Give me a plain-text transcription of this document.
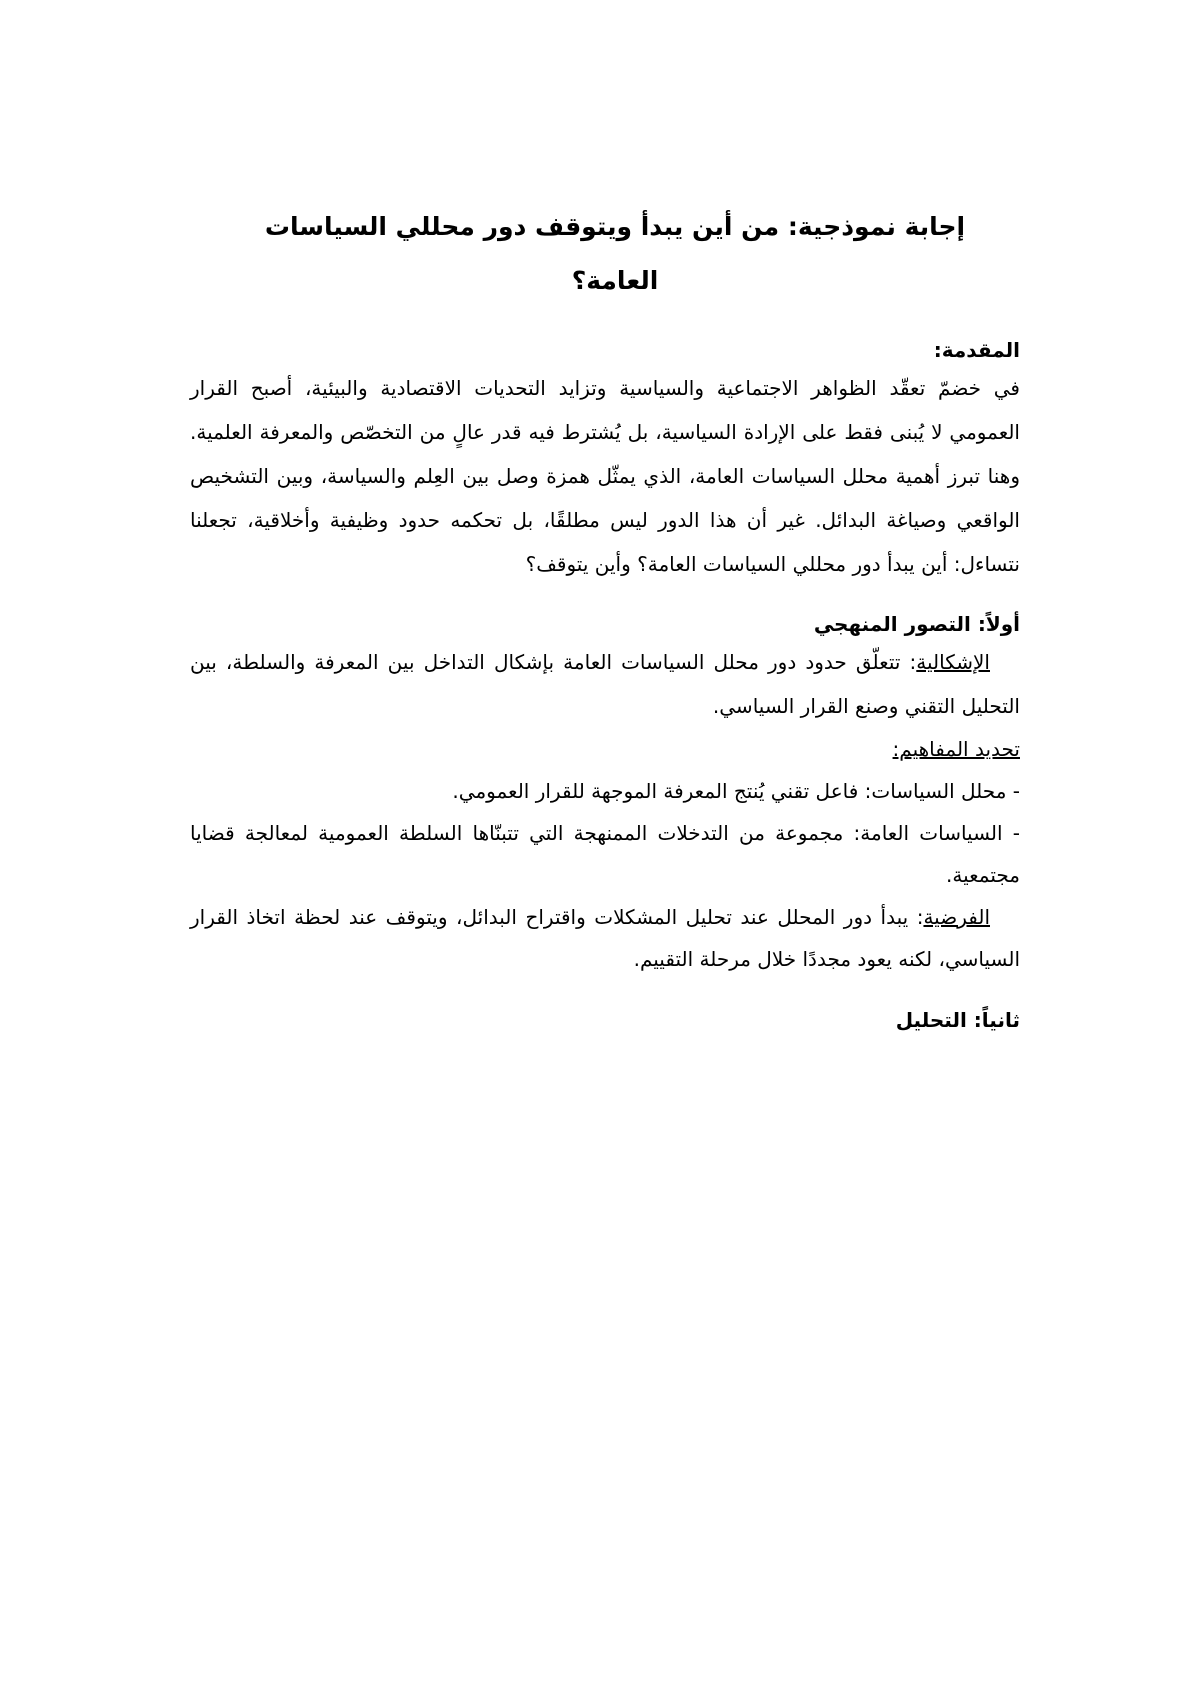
إجابة نموذجية: من أين يبدأ ويتوقف دور محللي السياسات العامة؟

المقدمة:

في خضمّ تعقّد الظواهر الاجتماعية والسياسية وتزايد التحديات الاقتصادية والبيئية، أصبح القرار العمومي لا يُبنى فقط على الإرادة السياسية، بل يُشترط فيه قدر عالٍ من التخصّص والمعرفة العلمية. وهنا تبرز أهمية محلل السياسات العامة، الذي يمثّل همزة وصل بين العِلم والسياسة، وبين التشخيص الواقعي وصياغة البدائل. غير أن هذا الدور ليس مطلقًا، بل تحكمه حدود وظيفية وأخلاقية، تجعلنا نتساءل: أين يبدأ دور محللي السياسات العامة؟ وأين يتوقف؟

أولاً: التصور المنهجي

الإشكالية: تتعلّق حدود دور محلل السياسات العامة بإشكال التداخل بين المعرفة والسلطة، بين التحليل التقني وصنع القرار السياسي.

تحديد المفاهيم:

- محلل السياسات: فاعل تقني يُنتج المعرفة الموجهة للقرار العمومي.

- السياسات العامة: مجموعة من التدخلات الممنهجة التي تتبنّاها السلطة العمومية لمعالجة قضايا مجتمعية.

الفرضية: يبدأ دور المحلل عند تحليل المشكلات واقتراح البدائل، ويتوقف عند لحظة اتخاذ القرار السياسي، لكنه يعود مجددًا خلال مرحلة التقييم.

ثانياً: التحليل
